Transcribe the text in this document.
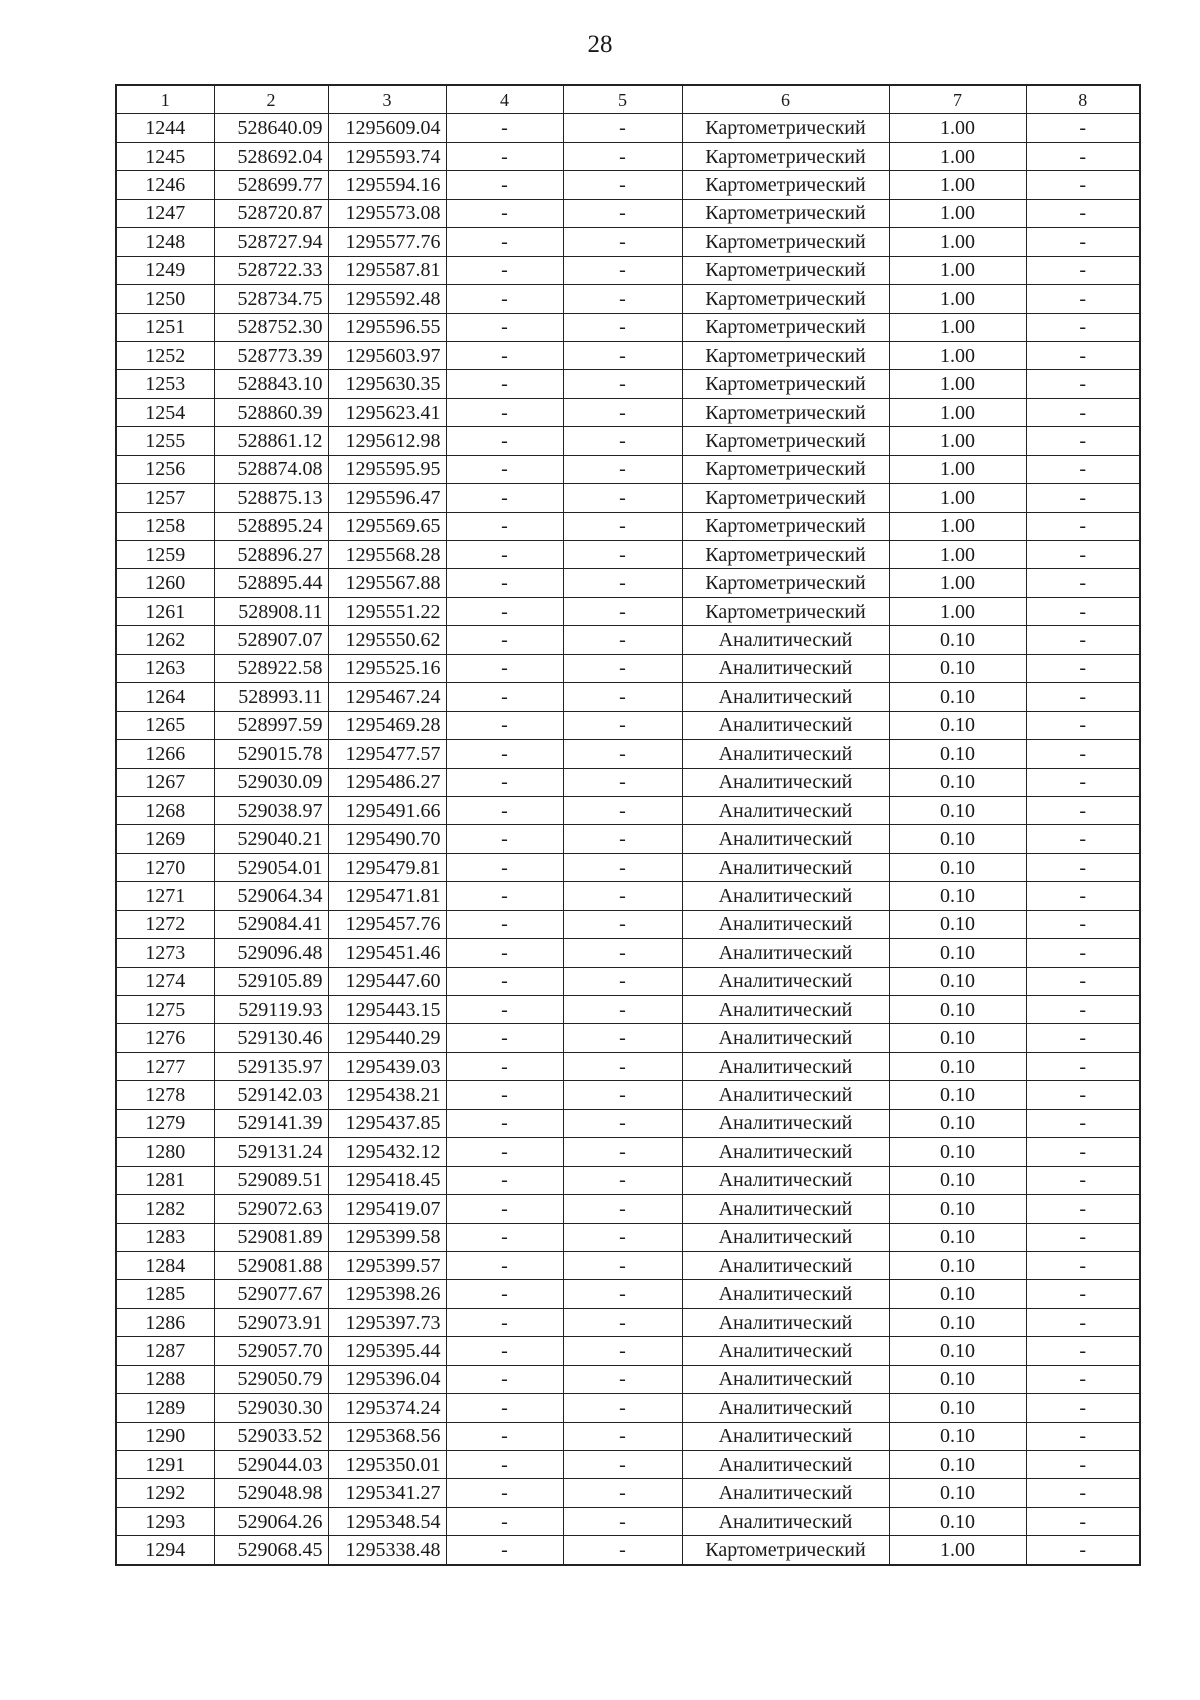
28
1	2	3	4	5	6	7	8
1244	528640.09	1295609.04	-	-	Картометрический	1.00	-
1245	528692.04	1295593.74	-	-	Картометрический	1.00	-
1246	528699.77	1295594.16	-	-	Картометрический	1.00	-
1247	528720.87	1295573.08	-	-	Картометрический	1.00	-
1248	528727.94	1295577.76	-	-	Картометрический	1.00	-
1249	528722.33	1295587.81	-	-	Картометрический	1.00	-
1250	528734.75	1295592.48	-	-	Картометрический	1.00	-
1251	528752.30	1295596.55	-	-	Картометрический	1.00	-
1252	528773.39	1295603.97	-	-	Картометрический	1.00	-
1253	528843.10	1295630.35	-	-	Картометрический	1.00	-
1254	528860.39	1295623.41	-	-	Картометрический	1.00	-
1255	528861.12	1295612.98	-	-	Картометрический	1.00	-
1256	528874.08	1295595.95	-	-	Картометрический	1.00	-
1257	528875.13	1295596.47	-	-	Картометрический	1.00	-
1258	528895.24	1295569.65	-	-	Картометрический	1.00	-
1259	528896.27	1295568.28	-	-	Картометрический	1.00	-
1260	528895.44	1295567.88	-	-	Картометрический	1.00	-
1261	528908.11	1295551.22	-	-	Картометрический	1.00	-
1262	528907.07	1295550.62	-	-	Аналитический	0.10	-
1263	528922.58	1295525.16	-	-	Аналитический	0.10	-
1264	528993.11	1295467.24	-	-	Аналитический	0.10	-
1265	528997.59	1295469.28	-	-	Аналитический	0.10	-
1266	529015.78	1295477.57	-	-	Аналитический	0.10	-
1267	529030.09	1295486.27	-	-	Аналитический	0.10	-
1268	529038.97	1295491.66	-	-	Аналитический	0.10	-
1269	529040.21	1295490.70	-	-	Аналитический	0.10	-
1270	529054.01	1295479.81	-	-	Аналитический	0.10	-
1271	529064.34	1295471.81	-	-	Аналитический	0.10	-
1272	529084.41	1295457.76	-	-	Аналитический	0.10	-
1273	529096.48	1295451.46	-	-	Аналитический	0.10	-
1274	529105.89	1295447.60	-	-	Аналитический	0.10	-
1275	529119.93	1295443.15	-	-	Аналитический	0.10	-
1276	529130.46	1295440.29	-	-	Аналитический	0.10	-
1277	529135.97	1295439.03	-	-	Аналитический	0.10	-
1278	529142.03	1295438.21	-	-	Аналитический	0.10	-
1279	529141.39	1295437.85	-	-	Аналитический	0.10	-
1280	529131.24	1295432.12	-	-	Аналитический	0.10	-
1281	529089.51	1295418.45	-	-	Аналитический	0.10	-
1282	529072.63	1295419.07	-	-	Аналитический	0.10	-
1283	529081.89	1295399.58	-	-	Аналитический	0.10	-
1284	529081.88	1295399.57	-	-	Аналитический	0.10	-
1285	529077.67	1295398.26	-	-	Аналитический	0.10	-
1286	529073.91	1295397.73	-	-	Аналитический	0.10	-
1287	529057.70	1295395.44	-	-	Аналитический	0.10	-
1288	529050.79	1295396.04	-	-	Аналитический	0.10	-
1289	529030.30	1295374.24	-	-	Аналитический	0.10	-
1290	529033.52	1295368.56	-	-	Аналитический	0.10	-
1291	529044.03	1295350.01	-	-	Аналитический	0.10	-
1292	529048.98	1295341.27	-	-	Аналитический	0.10	-
1293	529064.26	1295348.54	-	-	Аналитический	0.10	-
1294	529068.45	1295338.48	-	-	Картометрический	1.00	-
